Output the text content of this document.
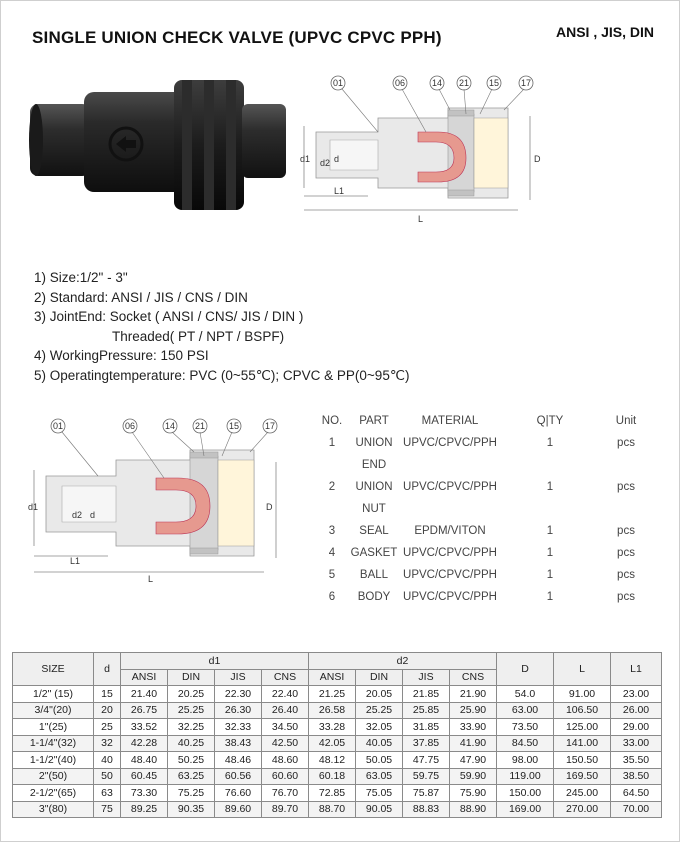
SINGLE UNION CHECK VALVE (UPVC CPVC PPH)	ANSI , JIS, DIN
01	06	14 21 15 17
d1 d2 d	D
L1
L
1) Size:1/2" - 3"
2) Standard: ANSI / JIS / CNS / DIN
3) JointEnd: Socket ( ANSI / CNS/ JIS / DIN )
Threaded( PT / NPT / BSPF)
4) WorkingPressure: 150 PSI
5) Operatingtemperature: PVC (0~55℃); CPVC & PP(0~95℃)
01	06	14 21	15	17
d1
d2 d
D
L1
L
NO.	PART	MATERIAL	Q|TY	Unit
1	UNION	UPVC/CPVC/PPH	1	pcs
	END			
2	UNION	UPVC/CPVC/PPH	1	pcs
	NUT			
3	SEAL	EPDM/VITON	1	pcs
4	GASKET	UPVC/CPVC/PPH	1	pcs
5	BALL	UPVC/CPVC/PPH	1	pcs
6	BODY	UPVC/CPVC/PPH	1	pcs
SIZE	d	d1				d2				D	L	L1
		ANSI	DIN	JIS	CNS	ANSI	DIN	JIS	CNS			
1/2" (15)	15	21.40	20.25	22.30	22.40	21.25	20.05	21.85	21.90	54.0	91.00	23.00
3/4"(20)	20	26.75	25.25	26.30	26.40	26.58	25.25	25.85	25.90	63.00	106.50	26.00
1"(25)	25	33.52	32.25	32.33	34.50	33.28	32.05	31.85	33.90	73.50	125.00	29.00
1-1/4"(32)	32	42.28	40.25	38.43	42.50	42.05	40.05	37.85	41.90	84.50	141.00	33.00
1-1/2"(40)	40	48.40	50.25	48.46	48.60	48.12	50.05	47.75	47.90	98.00	150.50	35.50
2"(50)	50	60.45	63.25	60.56	60.60	60.18	63.05	59.75	59.90	119.00	169.50	38.50
2-1/2"(65)	63	73.30	75.25	76.60	76.70	72.85	75.05	75.87	75.90	150.00	245.00	64.50
3"(80)	75	89.25	90.35	89.60	89.70	88.70	90.05	88.83	88.90	169.00	270.00	70.00
